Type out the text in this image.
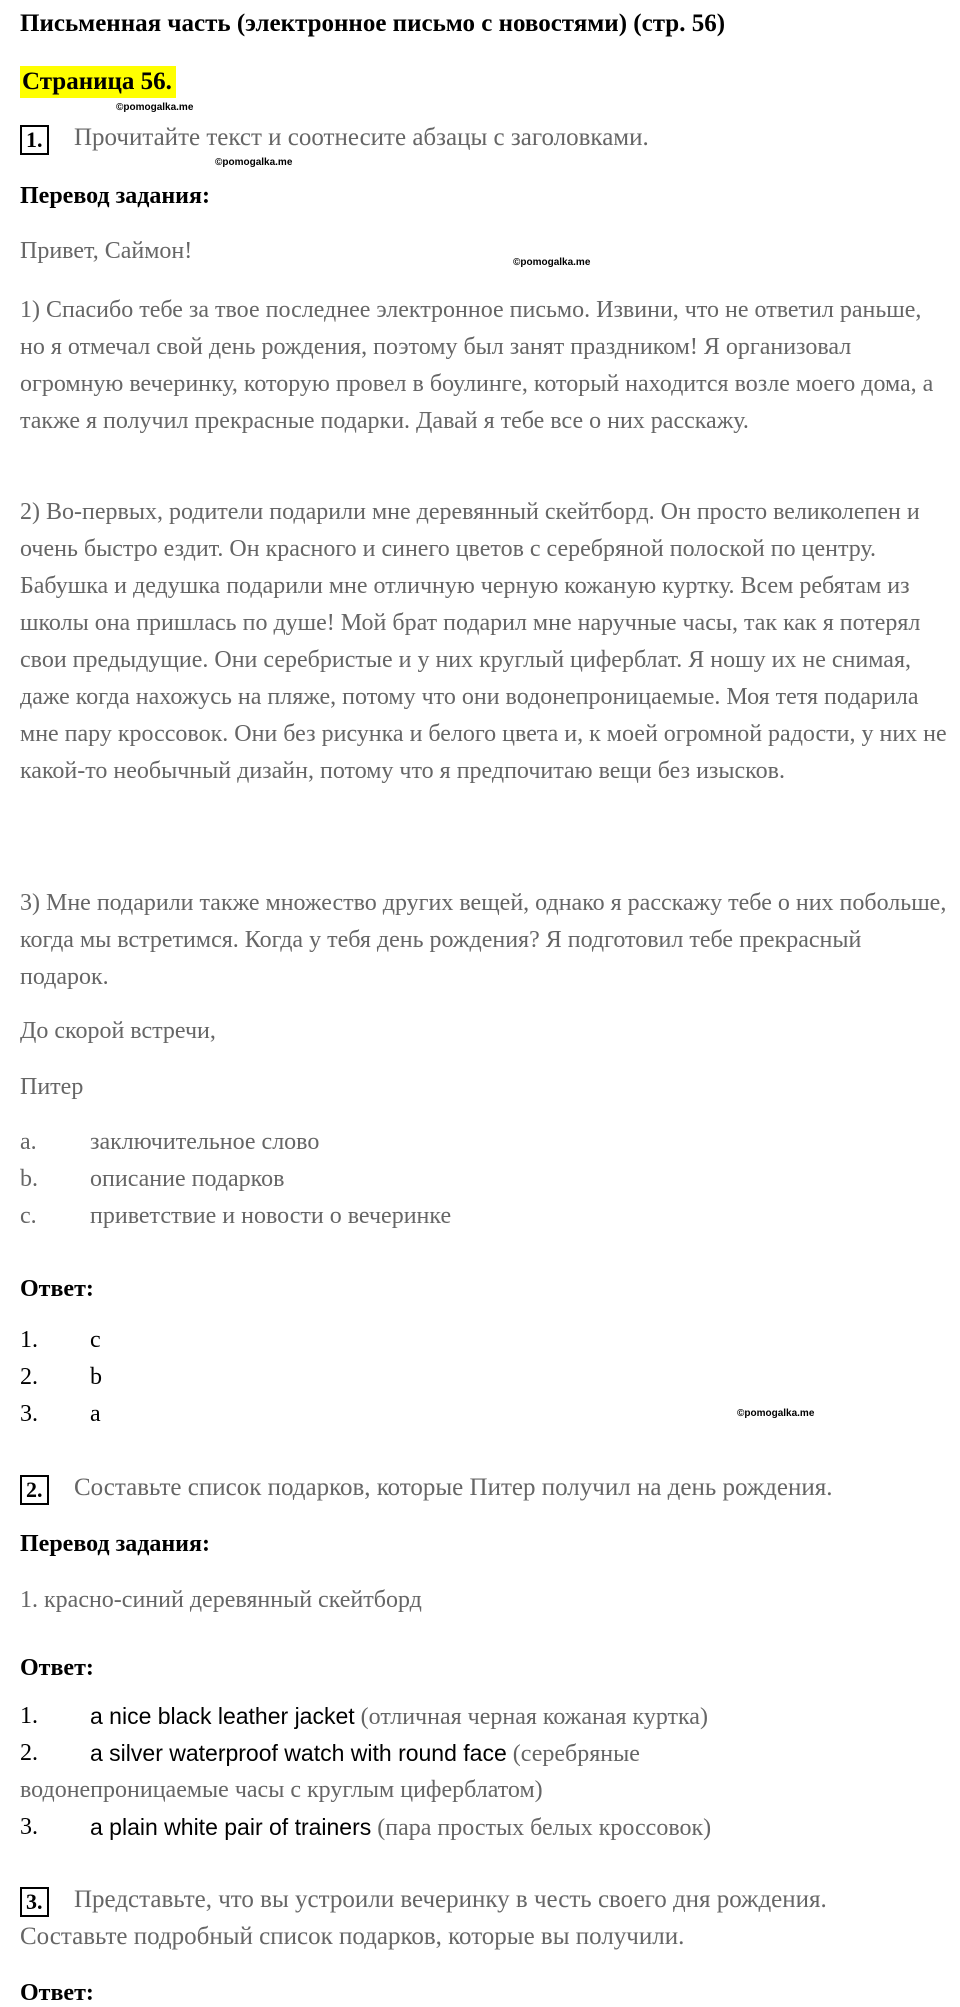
Письменная часть (электронное письмо с новостями) (стр. 56)
Страница 56.
©pomogalka.me
1. Прочитайте текст и соотнесите абзацы с заголовками.
©pomogalka.me
Перевод задания:
Привет, Саймон!	©pomogalka.me
1) Спасибо тебе за твое последнее электронное письмо. Извини, что не ответил раньше, но я отмечал свой день рождения, поэтому был занят праздником! Я организовал огромную вечеринку, которую провел в боулинге, который находится возле моего дома, а также я получил прекрасные подарки. Давай я тебе все о них расскажу.
2) Во-первых, родители подарили мне деревянный скейтборд. Он просто великолепен и очень быстро ездит. Он красного и синего цветов с серебряной полоской по центру. Бабушка и дедушка подарили мне отличную черную кожаную куртку. Всем ребятам из школы она пришлась по душе! Мой брат подарил мне наручные часы, так как я потерял свои предыдущие. Они серебристые и у них круглый циферблат. Я ношу их не снимая, даже когда нахожусь на пляже, потому что они водонепроницаемые. Моя тетя подарила мне пару кроссовок. Они без рисунка и белого цвета и, к моей огромной радости, у них не какой-то необычный дизайн, потому что я предпочитаю вещи без изысков.
3) Мне подарили также множество других вещей, однако я расскажу тебе о них побольше, когда мы встретимся. Когда у тебя день рождения? Я подготовил тебе прекрасный подарок.
До скорой встречи,
Питер
a. заключительное слово
b. описание подарков
c. приветствие и новости о вечеринке
Ответ:
1. c
2. b
3. a	©pomogalka.me
2. Составьте список подарков, которые Питер получил на день рождения.
Перевод задания:
1. красно-синий деревянный скейтборд
Ответ:
1. a nice black leather jacket (отличная черная кожаная куртка)
2. a silver waterproof watch with round face (серебряные
водонепроницаемые часы с круглым циферблатом)
3. a plain white pair of trainers (пара простых белых кроссовок)
3. Представьте, что вы устроили вечеринку в честь своего дня рождения.
Составьте подробный список подарков, которые вы получили.
Ответ:
